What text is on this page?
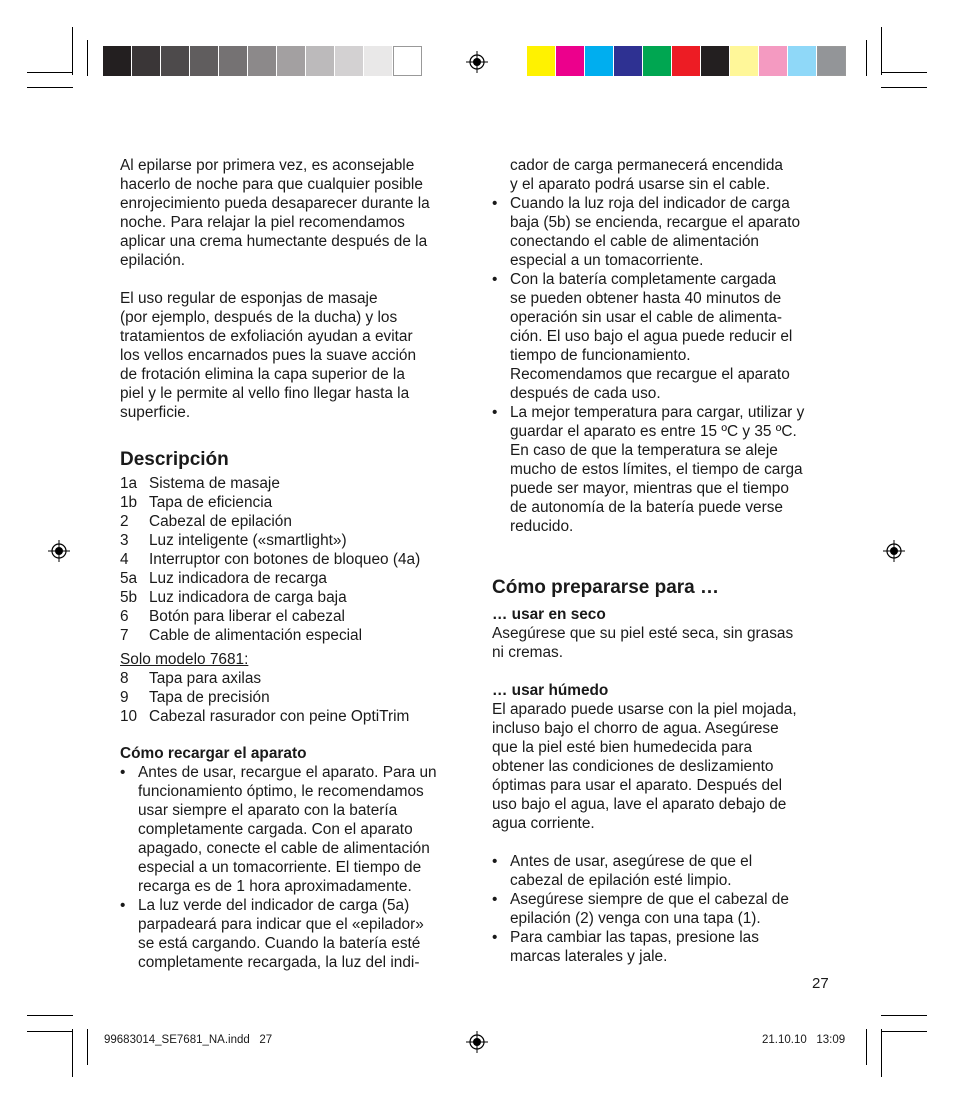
Al epilarse por primera vez, es aconsejable
hacerlo de noche para que cualquier posible
enrojecimiento pueda desaparecer durante la
noche. Para relajar la piel recomendamos
aplicar una crema humectante después de la
epilación.
El uso regular de esponjas de masaje
(por ejemplo, después de la ducha) y los
tratamientos de exfoliación ayudan a evitar
los vellos encarnados pues la suave acción
de frotación elimina la capa superior de la
piel y le permite al vello fino llegar hasta la
superficie.
Descripción
1a Sistema de masaje
1b Tapa de eficiencia
2	Cabezal de epilación
3	Luz inteligente («smartlight»)
4	Interruptor con botones de bloqueo (4a)
5a Luz indicadora de recarga
5b Luz indicadora de carga baja
6	Botón para liberar el cabezal
7	Cable de alimentación especial
Solo modelo 7681:
8	Tapa para axilas
9	Tapa de precisión
10 Cabezal rasurador con peine OptiTrim
Cómo recargar el aparato
• Antes de usar, recargue el aparato. Para un
funcionamiento óptimo, le recomendamos
usar siempre el aparato con la batería
completamente cargada. Con el aparato
apagado, conecte el cable de alimentación
especial a un tomacorriente. El tiempo de
recarga es de 1 hora aproximadamente.
• La luz verde del indicador de carga (5a)
parpadeará para indicar que el «epilador»
se está cargando. Cuando la batería esté
completamente recargada, la luz del indi-
cador de carga permanecerá encendida
y el aparato podrá usarse sin el cable.
• Cuando la luz roja del indicador de carga
baja (5b) se encienda, recargue el aparato
conectando el cable de alimentación
especial a un tomacorriente.
• Con la batería completamente cargada
se pueden obtener hasta 40 minutos de
operación sin usar el cable de alimenta-
ción. El uso bajo el agua puede reducir el
tiempo de funcionamiento.
Recomendamos que recargue el aparato
después de cada uso.
• La mejor temperatura para cargar, utilizar y
guardar el aparato es entre 15 ºC y 35 ºC.
En caso de que la temperatura se aleje
mucho de estos límites, el tiempo de carga
puede ser mayor, mientras que el tiempo
de autonomía de la batería puede verse
reducido.
Cómo prepararse para …
… usar en seco
Asegúrese que su piel esté seca, sin grasas
ni cremas.
… usar húmedo
El aparado puede usarse con la piel mojada,
incluso bajo el chorro de agua. Asegúrese
que la piel esté bien humedecida para
obtener las condiciones de deslizamiento
óptimas para usar el aparato. Después del
uso bajo el agua, lave el aparato debajo de
agua corriente.
• Antes de usar, asegúrese de que el
cabezal de epilación esté limpio.
• Asegúrese siempre de que el cabezal de
epilación (2) venga con una tapa (1).
• Para cambiar las tapas, presione las
marcas laterales y jale.
27
99683014_SE7681_NA.indd   27	21.10.10   13:09
